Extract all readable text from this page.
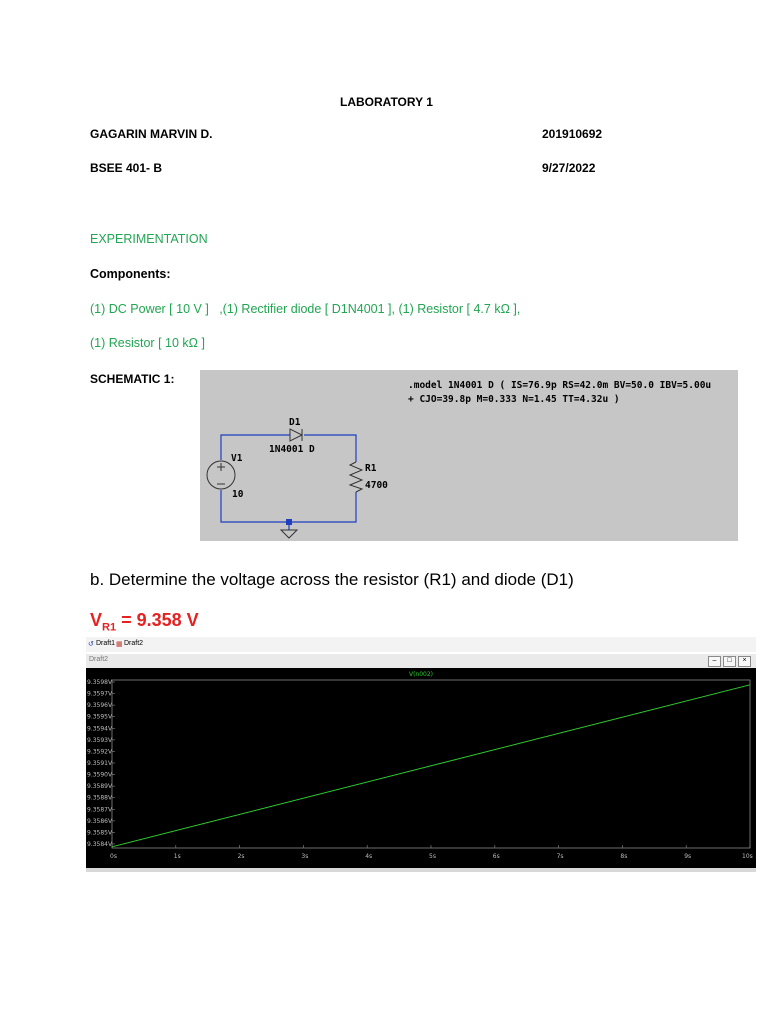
LABORATORY 1
GAGARIN MARVIN D.	201910692
BSEE 401- B	9/27/2022
EXPERIMENTATION
Components:
(1) DC Power [ 10 V ]   ,(1) Rectifier diode [ D1N4001 ], (1) Resistor [ 4.7 kΩ ],
(1) Resistor [ 10 kΩ ]
SCHEMATIC 1:	.model 1N4001 D ( IS=76.9p RS=42.0m BV=50.0 IBV=5.00u
+ CJO=39.8p M=0.333 N=1.45 TT=4.32u )
D1
1N4001 D
V1
10
R1
4700
b. Determine the voltage across the resistor (R1) and diode (D1)
$V_{R1} = 9.358$ V
↺ Draft1 ▦ Draft2
Draft2	–	□	×
V(n002)
9.3598V
9.3597V
9.3596V
9.3595V
9.3594V
9.3593V
9.3592V
9.3591V
9.3590V
9.3589V
9.3588V
9.3587V
9.3586V
9.3585V
9.3584V
0s	1s	2s	3s	4s	5s	6s	7s	8s	9s	10s
